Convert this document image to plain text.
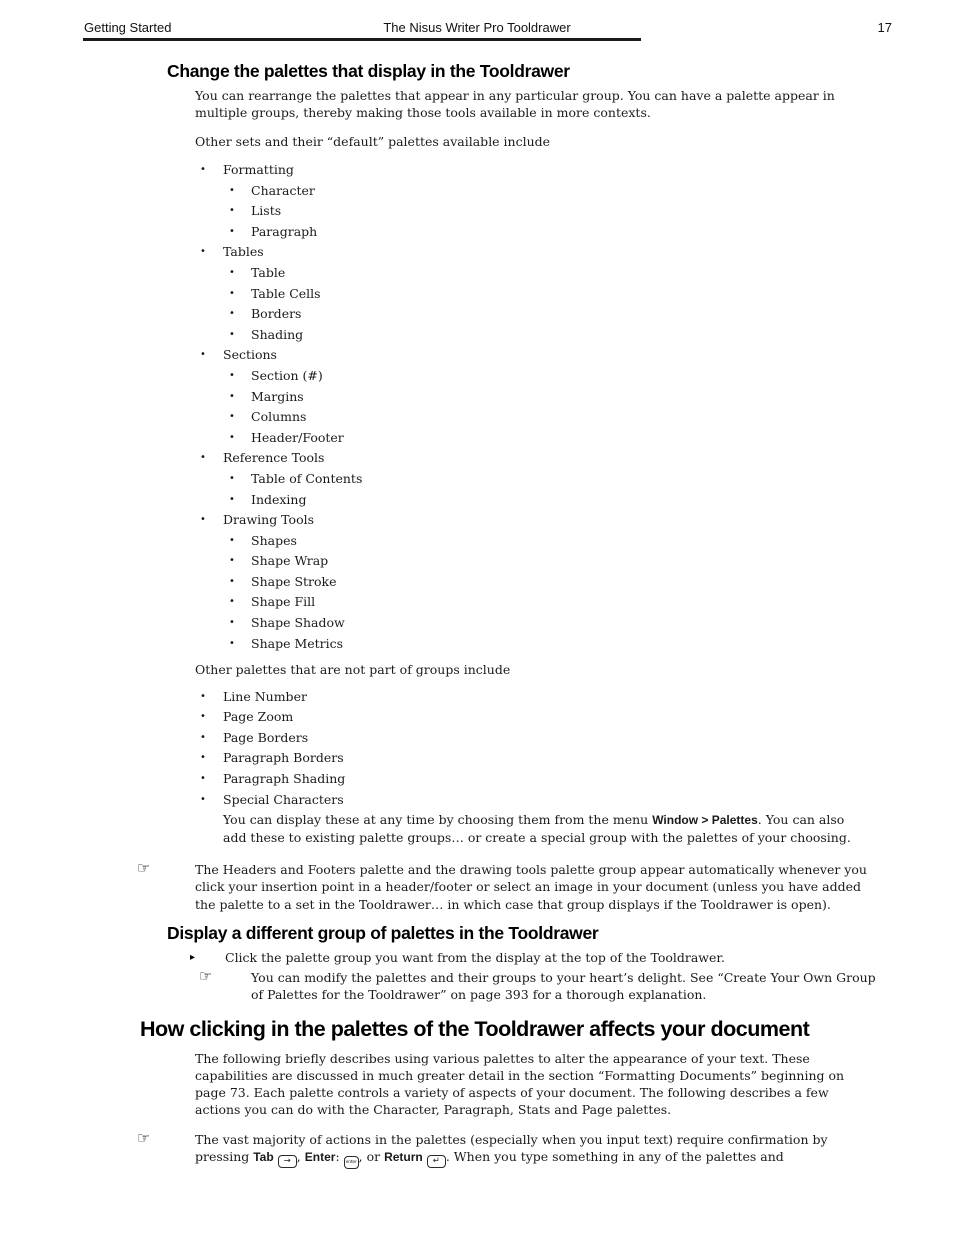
Getting Started	The Nisus Writer Pro Tooldrawer	17
Change the palettes that display in the Tooldrawer

You can rearrange the palettes that appear in any particular group. You can have a palette appear in multiple groups, thereby making those tools available in more contexts.

Other sets and their “default” palettes available include

• Formatting
• Character
• Lists
• Paragraph
• Tables
• Table
• Table Cells
• Borders
• Shading
• Sections
• Section (#)
• Margins
• Columns
• Header/Footer
• Reference Tools
• Table of Contents
• Indexing
• Drawing Tools
• Shapes
• Shape Wrap
• Shape Stroke
• Shape Fill
• Shape Shadow
• Shape Metrics

Other palettes that are not part of groups include

• Line Number
• Page Zoom
• Page Borders
• Paragraph Borders
• Paragraph Shading
• Special Characters

You can display these at any time by choosing them from the menu Window > Palettes. You can also add these to existing palette groups… or create a special group with the palettes of your choosing.

☞	The Headers and Footers palette and the drawing tools palette group appear automatically whenever you click your insertion point in a header/footer or select an image in your document (unless you have added the palette to a set in the Tooldrawer… in which case that group displays if the Tooldrawer is open).
Display a different group of palettes in the Tooldrawer
▸ Click the palette group you want from the display at the top of the Tooldrawer.
☞	You can modify the palettes and their groups to your heart’s delight. See “Create Your Own Group of Palettes for the Tooldrawer” on page 393 for a thorough explanation.
How clicking in the palettes of the Tooldrawer affects your document

The following briefly describes using various palettes to alter the appearance of your text. These capabilities are discussed in much greater detail in the section “Formatting Documents” beginning on page 73. Each palette controls a variety of aspects of your document. The following describes a few actions you can do with the Character, Paragraph, Stats and Page palettes.

☞	The vast majority of actions in the palettes (especially when you input text) require confirmation by pressing Tab → , Enter: enter , or Return ↵ . When you type something in any of the palettes and
